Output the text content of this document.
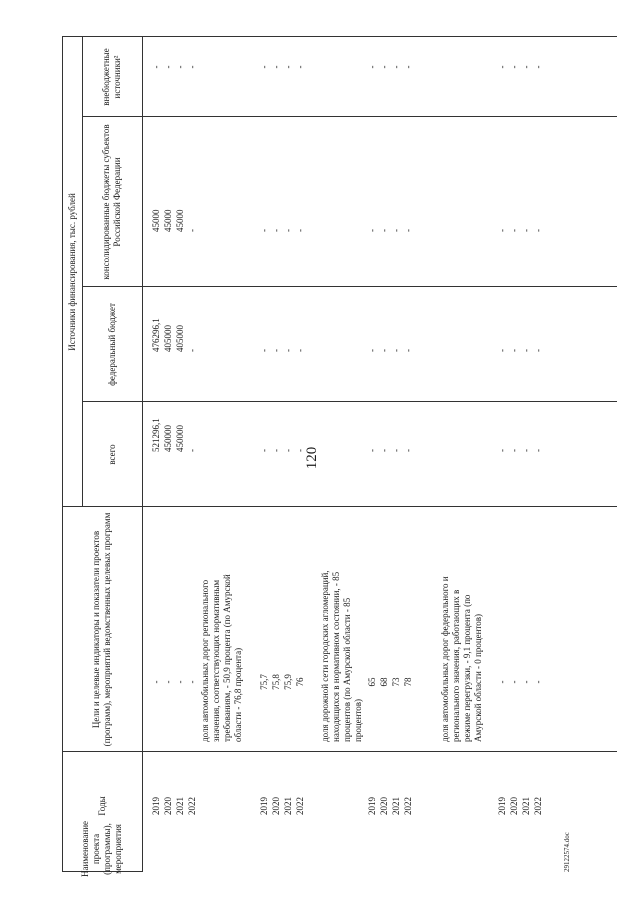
120
29122574.doc
Наименование проекта (программы), мероприятия
Годы
Цели и целевые индикаторы и показатели проектов (программ), мероприятий ведомственных целевых программ
Источники финансирования, тыс. рублей
всего
федеральный бюджет
консолидированные бюджеты субъектов Российской Федерации
внебюджетные источники²
2019
-
521296,1
476296,1
45000
-
2020
-
450000
405000
45000
-
2021
-
450000
405000
45000
-
2022
-
-
-
-
-
доля автомобильных дорог регионального значения, соответствующих нормативным требованиям, - 50,9 процента (по Амурской области - 76,8 процента)
2019
75,7
-
-
-
-
2020
75,8
-
-
-
-
2021
75,9
-
-
-
-
2022
76
-
-
-
-
доля дорожной сети городских агломераций, находящихся в нормативном состоянии, - 85 процентов (по Амурской области - 85 процентов)
2019
65
-
-
-
-
2020
68
-
-
-
-
2021
73
-
-
-
-
2022
78
-
-
-
-
доля автомобильных дорог федерального и регионального значения, работающих в режиме перегрузки, - 9,1 процента (по Амурской области - 0 процентов)
2019
-
-
-
-
-
2020
-
-
-
-
-
2021
-
-
-
-
-
2022
-
-
-
-
-
